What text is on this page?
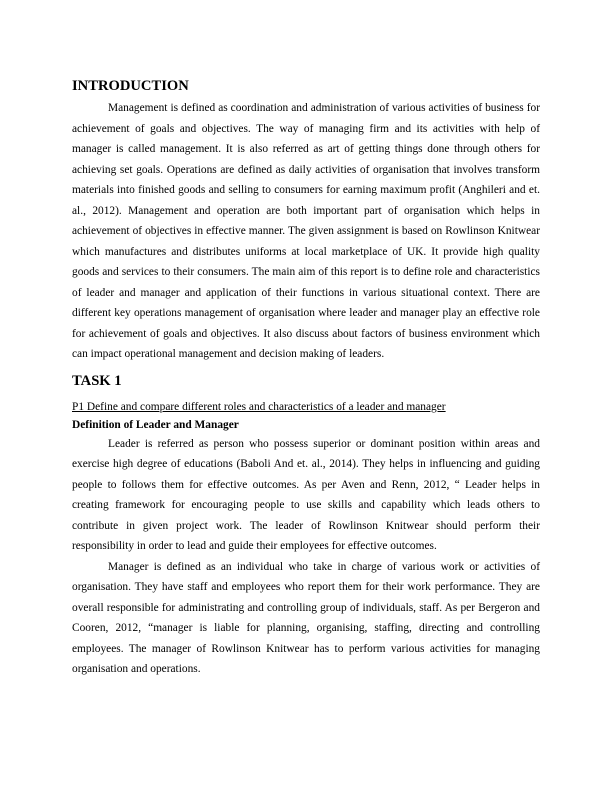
INTRODUCTION

Management is defined as coordination and administration of various activities of business for achievement of goals and objectives. The way of managing firm and its activities with help of manager is called management. It is also referred as art of getting things done through others for achieving set goals. Operations are defined as daily activities of organisation that involves transform materials into finished goods and selling to consumers for earning maximum profit (Anghileri and et. al., 2012). Management and operation are both important part of organisation which helps in achievement of objectives in effective manner. The given assignment is based on Rowlinson Knitwear which manufactures and distributes uniforms at local marketplace of UK. It provide high quality goods and services to their consumers. The main aim of this report is to define role and characteristics of leader and manager and application of their functions in various situational context. There are different key operations management of organisation where leader and manager play an effective role for achievement of goals and objectives. It also discuss about factors of business environment which can impact operational management and decision making of leaders.

TASK 1

P1 Define and compare different roles and characteristics of a leader and manager

Definition of Leader and Manager

Leader is referred as person who possess superior or dominant position within areas and exercise high degree of educations (Baboli And et. al., 2014). They helps in influencing and guiding people to follows them for effective outcomes. As per Aven and Renn, 2012, “ Leader helps in creating framework for encouraging people to use skills and capability which leads others to contribute in given project work. The leader of Rowlinson Knitwear should perform their responsibility in order to lead and guide their employees for effective outcomes.

Manager is defined as an individual who take in charge of various work or activities of organisation. They have staff and employees who report them for their work performance. They are overall responsible for administrating and controlling group of individuals, staff. As per Bergeron and Cooren, 2012, “manager is liable for planning, organising, staffing, directing and controlling employees. The manager of Rowlinson Knitwear has to perform various activities for managing organisation and operations.
